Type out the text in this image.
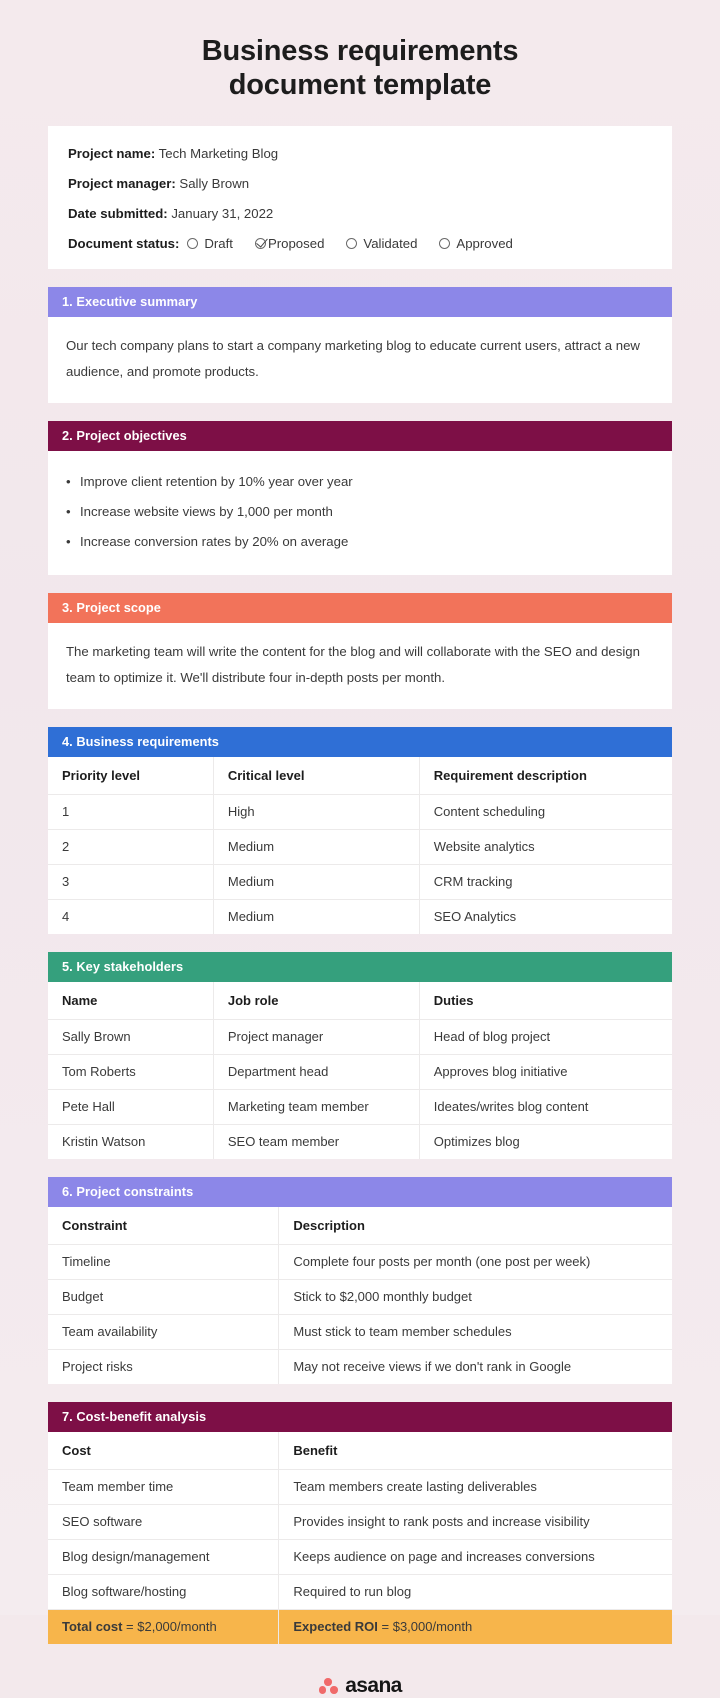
Business requirements
document template
Project name: Tech Marketing Blog
Project manager: Sally Brown
Date submitted: January 31, 2022
Document status: Draft	Proposed	Validated	Approved
1. Executive summary

Our tech company plans to start a company marketing blog to educate current users, attract a new audience, and promote products.

2. Project objectives
• Improve client retention by 10% year over year
• Increase website views by 1,000 per month
• Increase conversion rates by 20% on average
3. Project scope

The marketing team will write the content for the blog and will collaborate with the SEO and design team to optimize it. We'll distribute four in-depth posts per month.

4. Business requirements
Priority level	Critical level	Requirement description
1	High	Content scheduling
2	Medium	Website analytics
3	Medium	CRM tracking
4	Medium	SEO Analytics
5. Key stakeholders
Name	Job role	Duties
Sally Brown	Project manager	Head of blog project
Tom Roberts	Department head	Approves blog initiative
Pete Hall	Marketing team member	Ideates/writes blog content
Kristin Watson	SEO team member	Optimizes blog
6. Project constraints
Constraint	Description
Timeline	Complete four posts per month (one post per week)
Budget	Stick to $2,000 monthly budget
Team availability	Must stick to team member schedules
Project risks	May not receive views if we don't rank in Google
7. Cost-benefit analysis
Cost	Benefit
Team member time	Team members create lasting deliverables
SEO software	Provides insight to rank posts and increase visibility
Blog design/management	Keeps audience on page and increases conversions
Blog software/hosting	Required to run blog
Total cost = $2,000/month	Expected ROI = $3,000/month
asana
